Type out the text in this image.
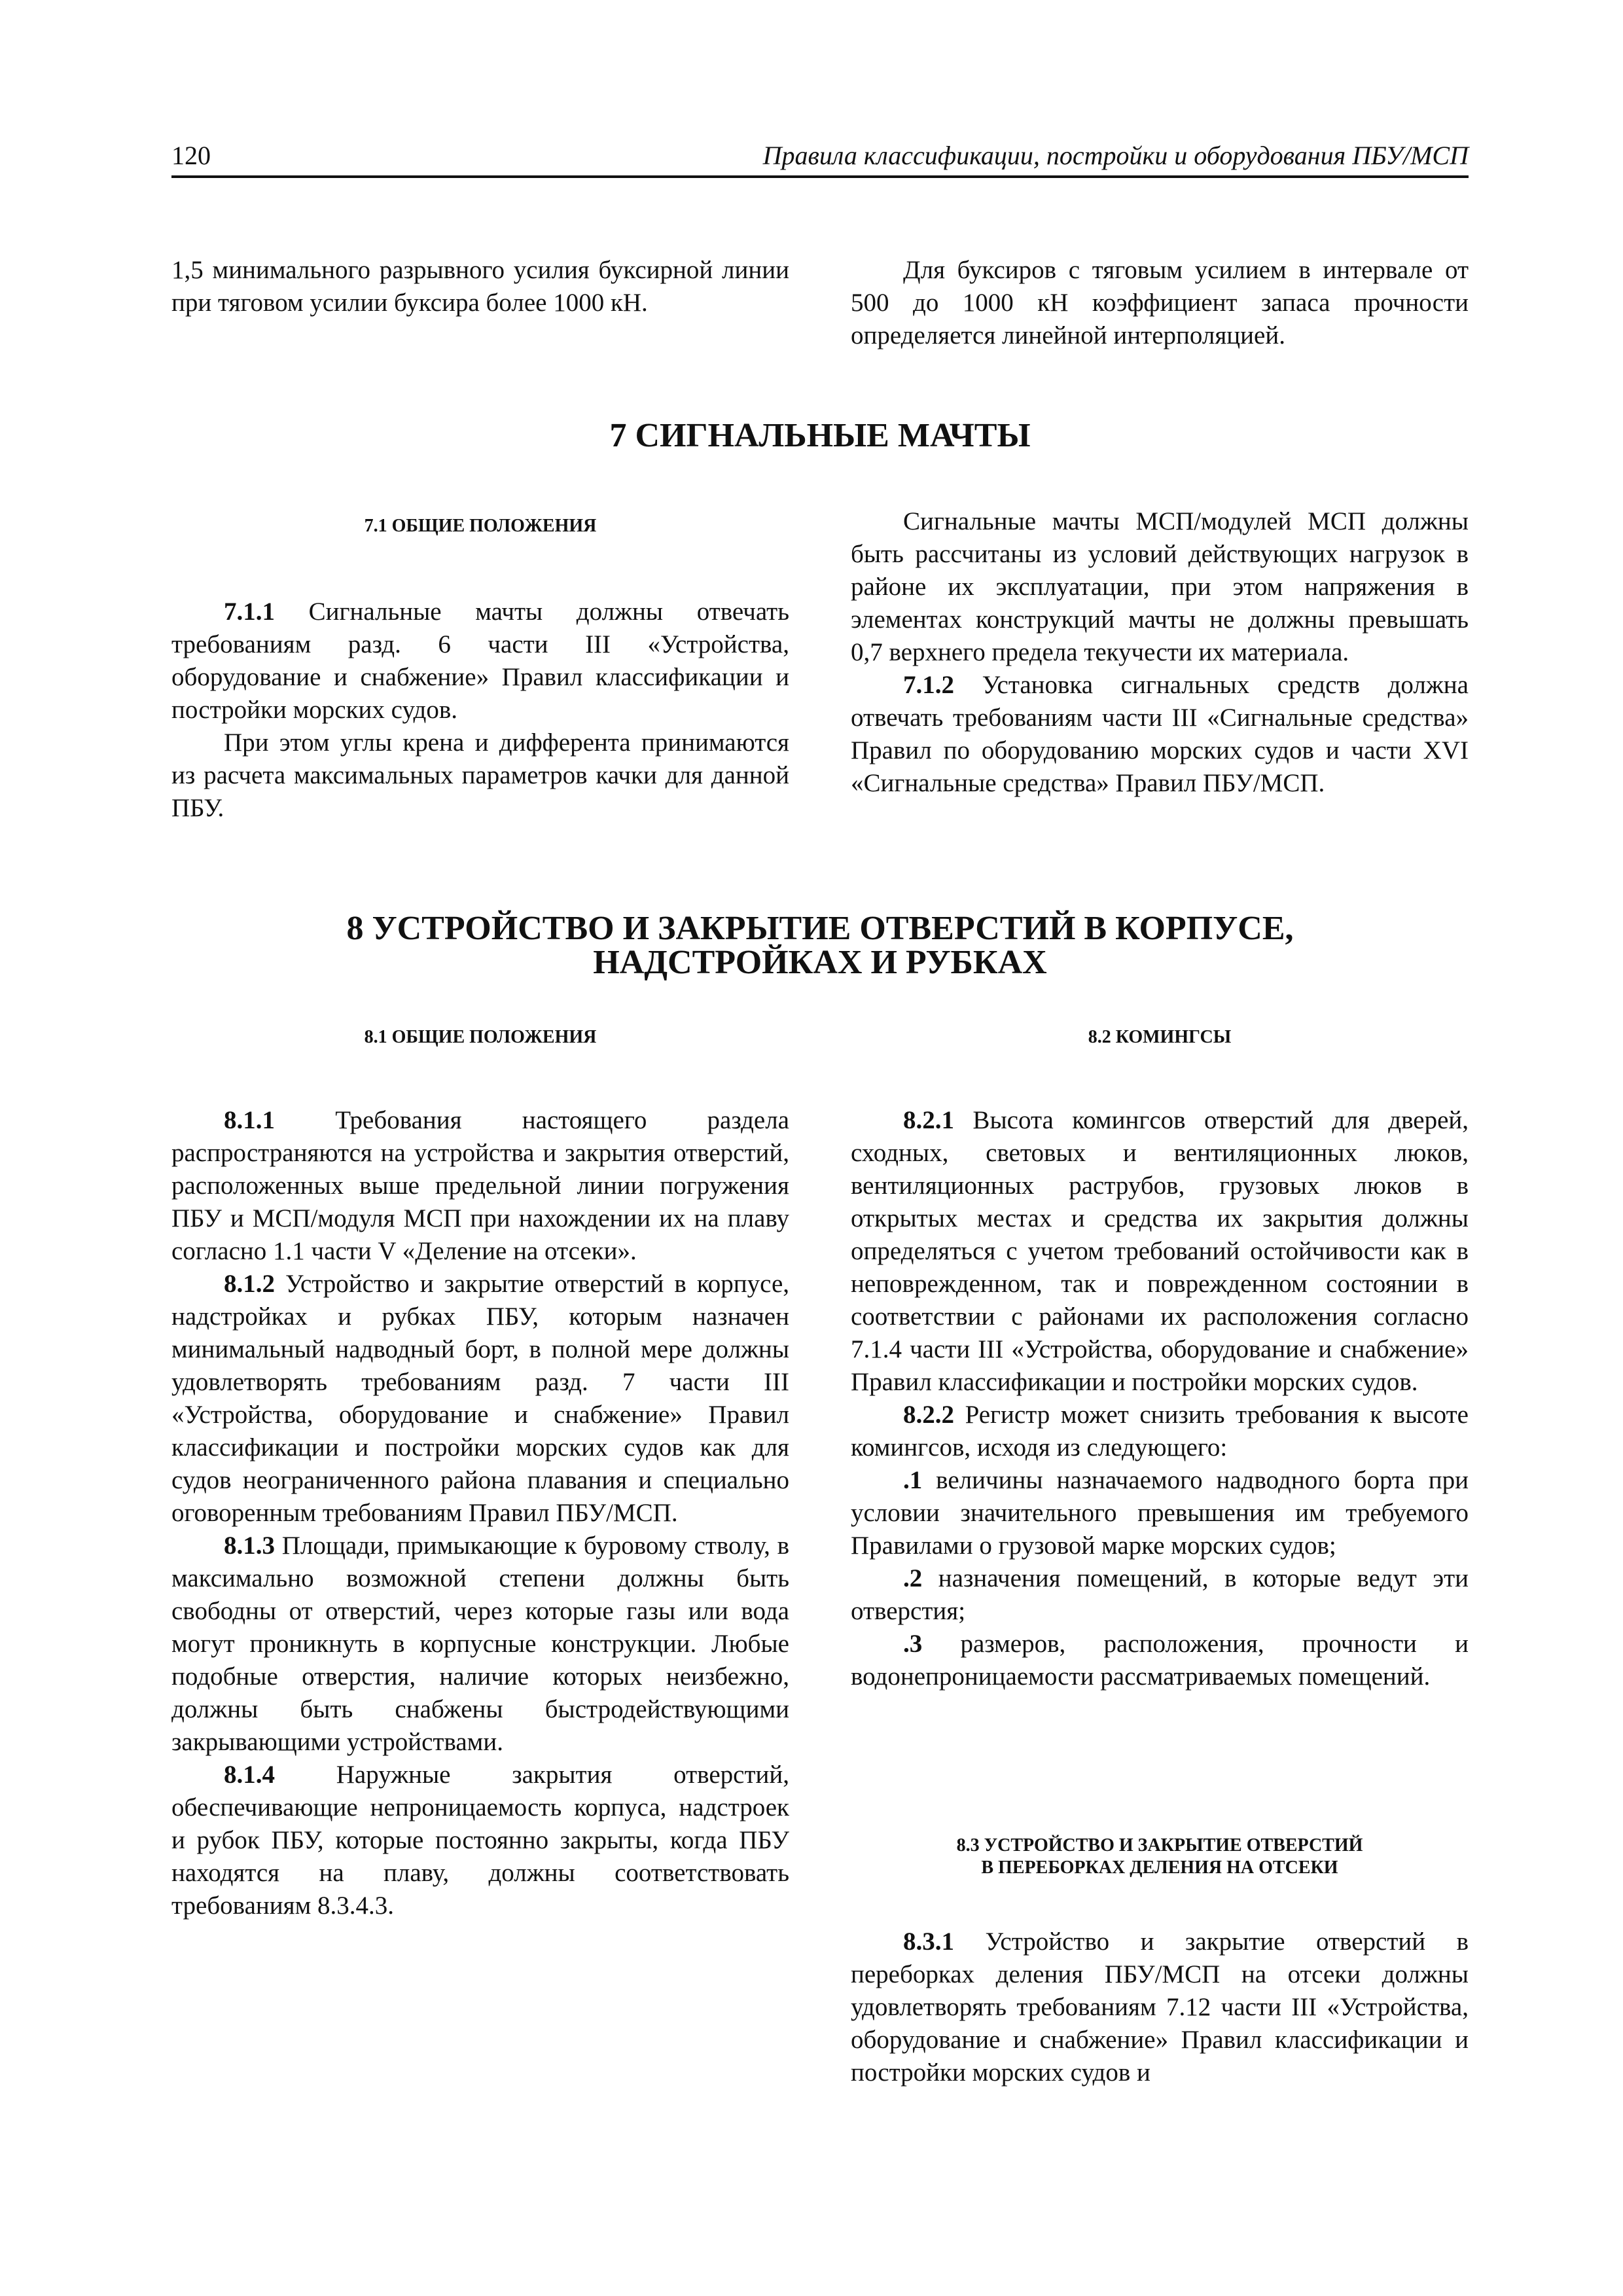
120	Правила классификации, постройки и оборудования ПБУ/МСП

1,5 минимального разрывного усилия буксирной линии при тяговом усилии буксира более 1000 кН.

Для буксиров с тяговым усилием в интервале от 500 до 1000 кН коэффициент запаса прочности определяется линейной интерполяцией.

7 СИГНАЛЬНЫЕ МАЧТЫ
7.1 ОБЩИЕ ПОЛОЖЕНИЯ

7.1.1 Сигнальные мачты должны отвечать требованиям разд. 6 части III «Устройства, оборудование и снабжение» Правил классификации и постройки морских судов.

При этом углы крена и дифферента принимаются из расчета максимальных параметров качки для данной ПБУ.

Сигнальные мачты МСП/модулей МСП должны быть рассчитаны из условий действующих нагрузок в районе их эксплуатации, при этом напряжения в элементах конструкций мачты не должны превышать 0,7 верхнего предела текучести их материала.

7.1.2 Установка сигнальных средств должна отвечать требованиям части III «Сигнальные средства» Правил по оборудованию морских судов и части XVI «Сигнальные средства» Правил ПБУ/МСП.

8 УСТРОЙСТВО И ЗАКРЫТИЕ ОТВЕРСТИЙ В КОРПУСЕ,
НАДСТРОЙКАХ И РУБКАХ
8.1 ОБЩИЕ ПОЛОЖЕНИЯ	8.2 КОМИНГСЫ

8.1.1 Требования настоящего раздела распространяются на устройства и закрытия отверстий, расположенных выше предельной линии погружения ПБУ и МСП/модуля МСП при нахождении их на плаву согласно 1.1 части V «Деление на отсеки».

8.1.2 Устройство и закрытие отверстий в корпусе, надстройках и рубках ПБУ, которым назначен минимальный надводный борт, в полной мере должны удовлетворять требованиям разд. 7 части III «Устройства, оборудование и снабжение» Правил классификации и постройки морских судов как для судов неограниченного района плавания и специально оговоренным требованиям Правил ПБУ/МСП.

8.1.3 Площади, примыкающие к буровому стволу, в максимально возможной степени должны быть свободны от отверстий, через которые газы или вода могут проникнуть в корпусные конструкции. Любые подобные отверстия, наличие которых неизбежно, должны быть снабжены быстродействующими закрывающими устройствами.

8.1.4 Наружные закрытия отверстий, обеспечивающие непроницаемость корпуса, надстроек и рубок ПБУ, которые постоянно закрыты, когда ПБУ находятся на плаву, должны соответствовать требованиям 8.3.4.3.

8.2.1 Высота комингсов отверстий для дверей, сходных, световых и вентиляционных люков, вентиляционных раструбов, грузовых люков в открытых местах и средства их закрытия должны определяться с учетом требований остойчивости как в неповрежденном, так и поврежденном состоянии в соответствии с районами их расположения согласно 7.1.4 части III «Устройства, оборудование и снабжение» Правил классификации и постройки морских судов.

8.2.2 Регистр может снизить требования к высоте комингсов, исходя из следующего:

.1 величины назначаемого надводного борта при условии значительного превышения им требуемого Правилами о грузовой марке морских судов;

.2 назначения помещений, в которые ведут эти отверстия;

.3 размеров, расположения, прочности и водонепроницаемости рассматриваемых помещений.

8.3 УСТРОЙСТВО И ЗАКРЫТИЕ ОТВЕРСТИЙ
В ПЕРЕБОРКАХ ДЕЛЕНИЯ НА ОТСЕКИ

8.3.1 Устройство и закрытие отверстий в переборках деления ПБУ/МСП на отсеки должны удовлетворять требованиям 7.12 части III «Устройства, оборудование и снабжение» Правил классификации и постройки морских судов и
